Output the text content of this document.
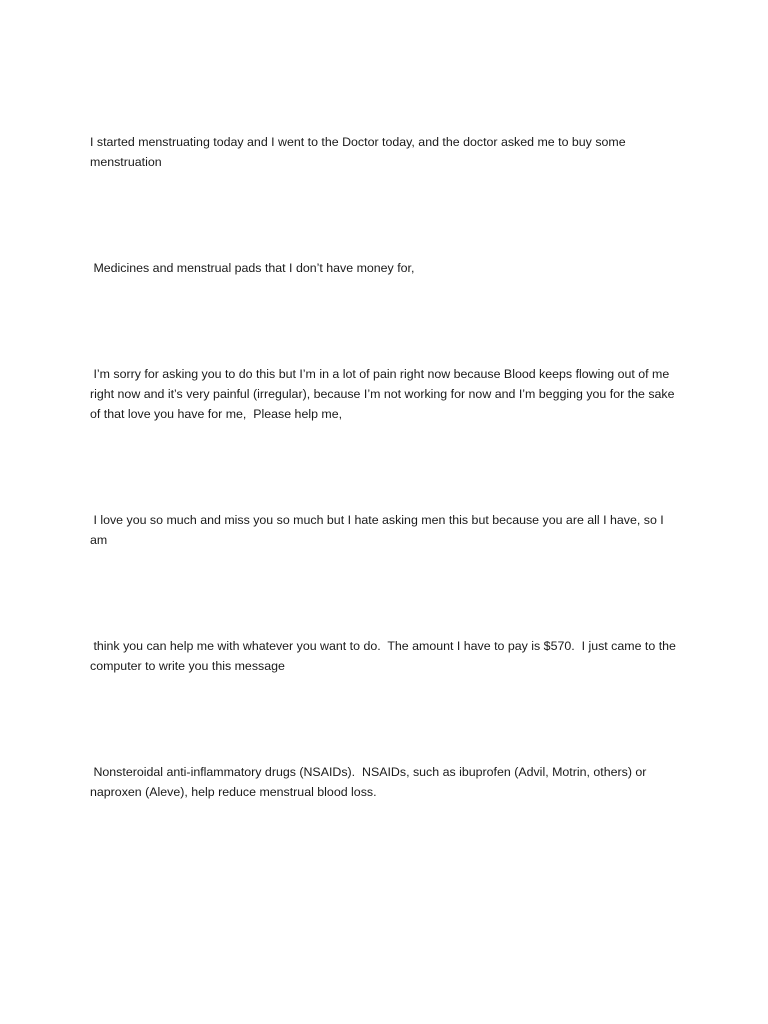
I started menstruating today and I went to the Doctor today, and the doctor asked me to buy some menstruation

Medicines and menstrual pads that I don’t have money for,

I’m sorry for asking you to do this but I’m in a lot of pain right now because Blood keeps flowing out of me right now and it’s very painful (irregular), because I’m not working for now and I’m begging you for the sake of that love you have for me,  Please help me,

I love you so much and miss you so much but I hate asking men this but because you are all I have, so I am

think you can help me with whatever you want to do.  The amount I have to pay is $570.  I just came to the computer to write you this message

Nonsteroidal anti-inflammatory drugs (NSAIDs).  NSAIDs, such as ibuprofen (Advil, Motrin, others) or naproxen (Aleve), help reduce menstrual blood loss.
